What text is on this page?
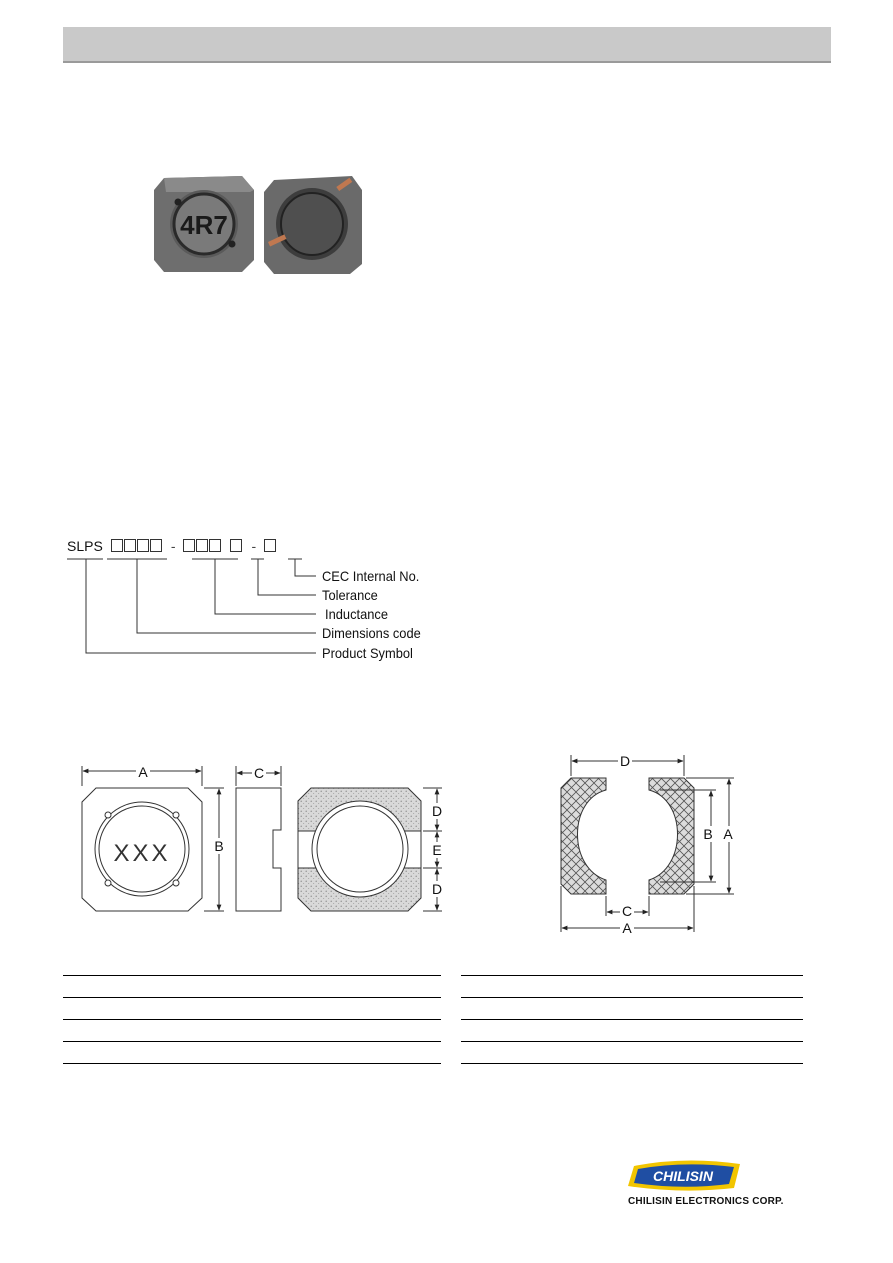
4R7
SLPS	-	-
CEC Internal No.
Tolerance
Inductance
Dimensions code
Product Symbol
XXX
A
B
C
D
E
D
D
B A
C
A
CHILISIN
CHILISIN ELECTRONICS CORP.
